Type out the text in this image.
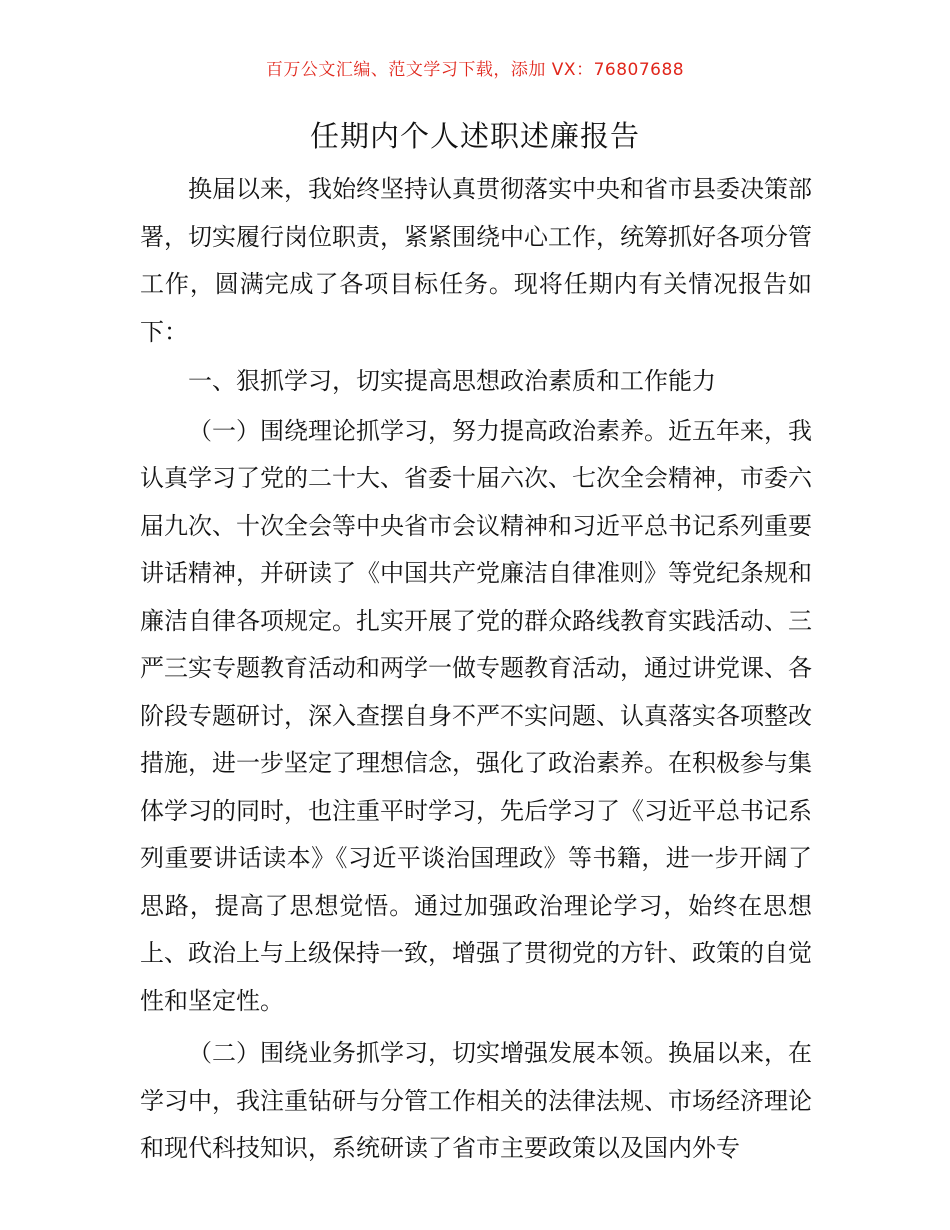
百万公文汇编、范文学习下载，添加 VX：76807688
任期内个人述职述廉报告

换届以来，我始终坚持认真贯彻落实中央和省市县委决策部署，切实履行岗位职责，紧紧围绕中心工作，统筹抓好各项分管工作，圆满完成了各项目标任务。现将任期内有关情况报告如下：

一、狠抓学习，切实提高思想政治素质和工作能力

（一）围绕理论抓学习，努力提高政治素养。近五年来，我认真学习了党的二十大、省委十届六次、七次全会精神，市委六届九次、十次全会等中央省市会议精神和习近平总书记系列重要讲话精神，并研读了《中国共产党廉洁自律准则》等党纪条规和廉洁自律各项规定。扎实开展了党的群众路线教育实践活动、三严三实专题教育活动和两学一做专题教育活动，通过讲党课、各阶段专题研讨，深入查摆自身不严不实问题、认真落实各项整改措施，进一步坚定了理想信念，强化了政治素养。在积极参与集体学习的同时，也注重平时学习，先后学习了《习近平总书记系列重要讲话读本》《习近平谈治国理政》等书籍，进一步开阔了思路，提高了思想觉悟。通过加强政治理论学习，始终在思想上、政治上与上级保持一致，增强了贯彻党的方针、政策的自觉性和坚定性。

（二）围绕业务抓学习，切实增强发展本领。换届以来，在学习中，我注重钻研与分管工作相关的法律法规、市场经济理论和现代科技知识，系统研读了省市主要政策以及国内外专
